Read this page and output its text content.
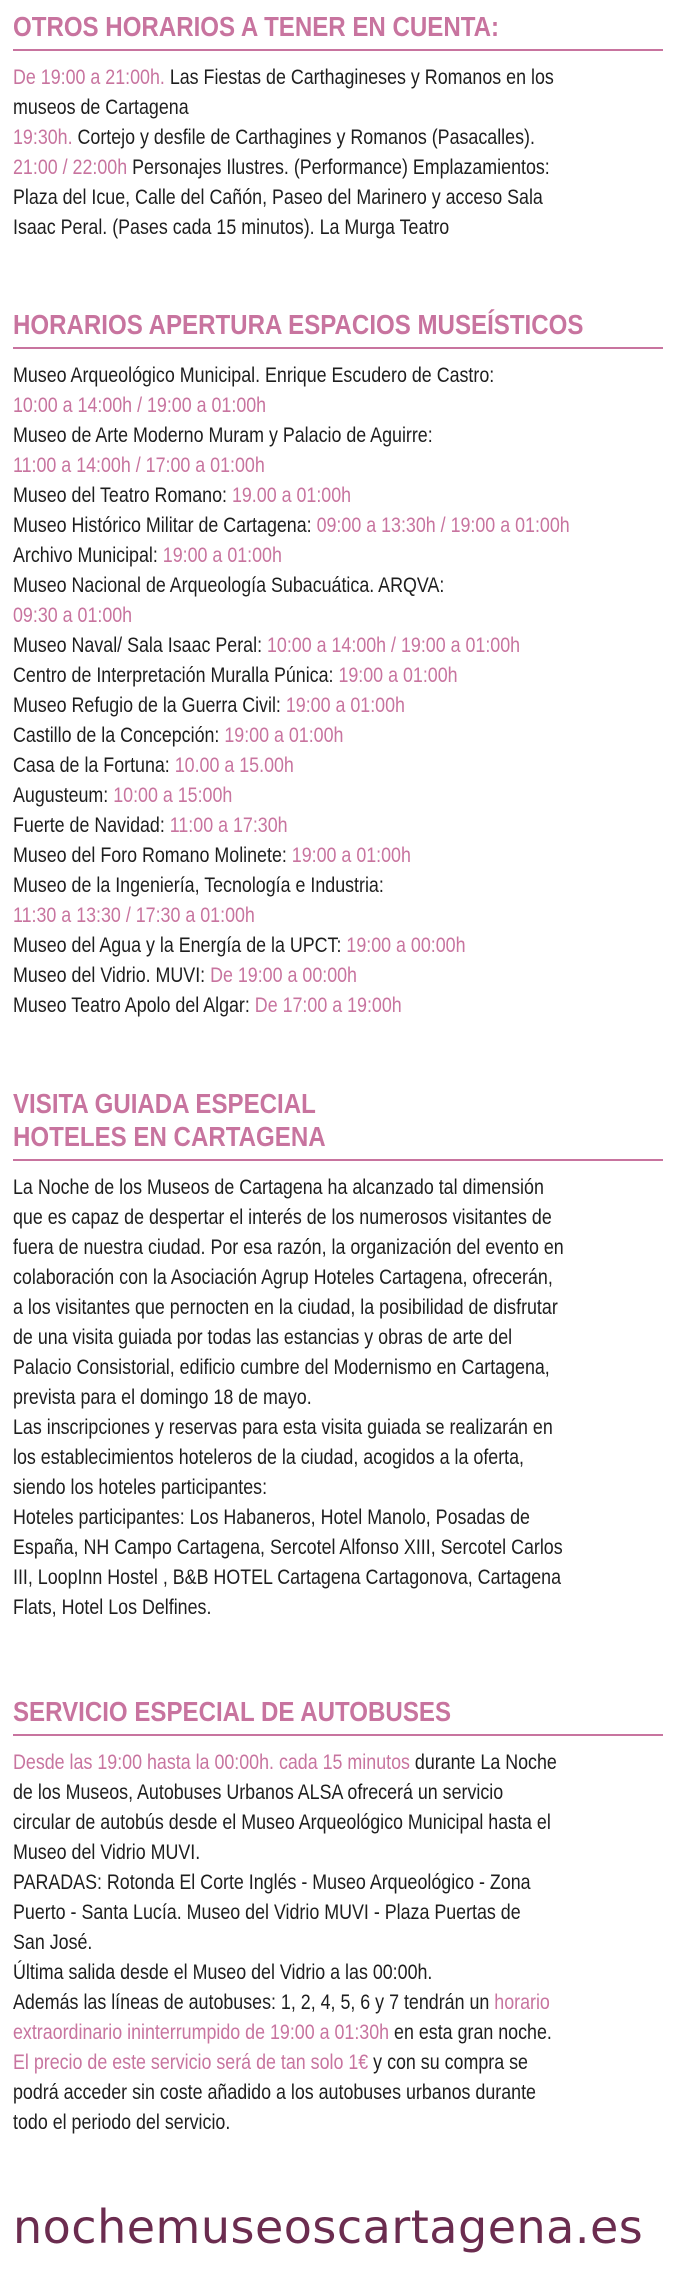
OTROS HORARIOS A TENER EN CUENTA:
De 19:00 a 21:00h. Las Fiestas de Carthagineses y Romanos en los
museos de Cartagena
19:30h. Cortejo y desfile de Carthagines y Romanos (Pasacalles).
21:00 / 22:00h Personajes Ilustres. (Performance) Emplazamientos:
Plaza del Icue, Calle del Cañón, Paseo del Marinero y acceso Sala
Isaac Peral. (Pases cada 15 minutos). La Murga Teatro
HORARIOS APERTURA ESPACIOS MUSEÍSTICOS
Museo Arqueológico Municipal. Enrique Escudero de Castro:
10:00 a 14:00h / 19:00 a 01:00h
Museo de Arte Moderno Muram y Palacio de Aguirre:
11:00 a 14:00h / 17:00 a 01:00h
Museo del Teatro Romano: 19.00 a 01:00h
Museo Histórico Militar de Cartagena: 09:00 a 13:30h / 19:00 a 01:00h
Archivo Municipal: 19:00 a 01:00h
Museo Nacional de Arqueología Subacuática. ARQVA:
09:30 a 01:00h
Museo Naval/ Sala Isaac Peral: 10:00 a 14:00h / 19:00 a 01:00h
Centro de Interpretación Muralla Púnica: 19:00 a 01:00h
Museo Refugio de la Guerra Civil: 19:00 a 01:00h
Castillo de la Concepción: 19:00 a 01:00h
Casa de la Fortuna: 10.00 a 15.00h
Augusteum: 10:00 a 15:00h
Fuerte de Navidad: 11:00 a 17:30h
Museo del Foro Romano Molinete: 19:00 a 01:00h
Museo de la Ingeniería, Tecnología e Industria:
11:30 a 13:30 / 17:30 a 01:00h
Museo del Agua y la Energía de la UPCT: 19:00 a 00:00h
Museo del Vidrio. MUVI: De 19:00 a 00:00h
Museo Teatro Apolo del Algar: De 17:00 a 19:00h
VISITA GUIADA ESPECIAL
HOTELES EN CARTAGENA
La Noche de los Museos de Cartagena ha alcanzado tal dimensión
que es capaz de despertar el interés de los numerosos visitantes de
fuera de nuestra ciudad. Por esa razón, la organización del evento en
colaboración con la Asociación Agrup Hoteles Cartagena, ofrecerán,
a los visitantes que pernocten en la ciudad, la posibilidad de disfrutar
de una visita guiada por todas las estancias y obras de arte del
Palacio Consistorial, edificio cumbre del Modernismo en Cartagena,
prevista para el domingo 18 de mayo.
Las inscripciones y reservas para esta visita guiada se realizarán en
los establecimientos hoteleros de la ciudad, acogidos a la oferta,
siendo los hoteles participantes:
Hoteles participantes: Los Habaneros, Hotel Manolo, Posadas de
España, NH Campo Cartagena, Sercotel Alfonso XIII, Sercotel Carlos
III, LoopInn Hostel , B&B HOTEL Cartagena Cartagonova, Cartagena
Flats, Hotel Los Delfines.
SERVICIO ESPECIAL DE AUTOBUSES
Desde las 19:00 hasta la 00:00h. cada 15 minutos durante La Noche
de los Museos, Autobuses Urbanos ALSA ofrecerá un servicio
circular de autobús desde el Museo Arqueológico Municipal hasta el
Museo del Vidrio MUVI.
PARADAS: Rotonda El Corte Inglés - Museo Arqueológico - Zona
Puerto - Santa Lucía. Museo del Vidrio MUVI - Plaza Puertas de
San José.
Última salida desde el Museo del Vidrio a las 00:00h.
Además las líneas de autobuses: 1, 2, 4, 5, 6 y 7 tendrán un horario
extraordinario ininterrumpido de 19:00 a 01:30h en esta gran noche.
El precio de este servicio será de tan solo 1€ y con su compra se
podrá acceder sin coste añadido a los autobuses urbanos durante
todo el periodo del servicio.
nochemuseoscartagena.es
